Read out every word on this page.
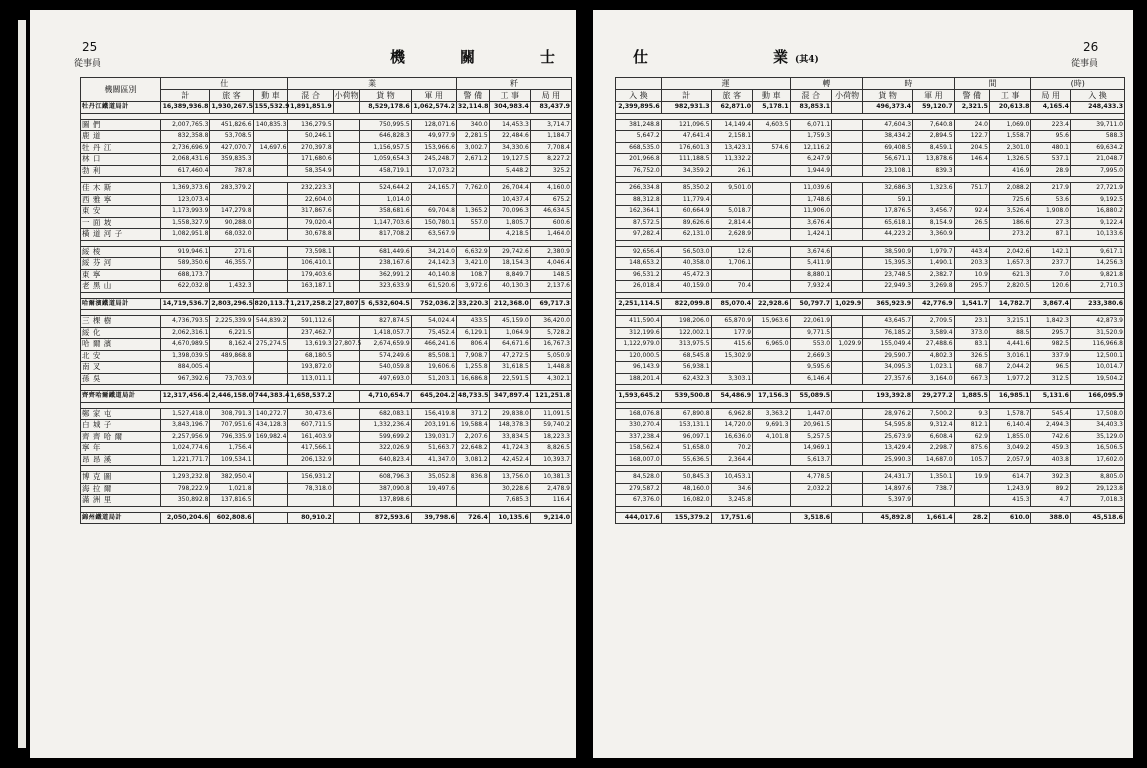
25
從事員	機	關	士
機關區別	仕			業				粁		
	計	旅 客	動 車	混 合	小荷物	貨 物	軍 用	警 備	工 事	局 用
牡丹江鐵道局計	16,389,936.8	1,930,267.5	155,532.9	1,891,851.9		8,529,178.6	1,062,574.2	32,114.8	304,983.4	83,437.9

圖 們	2,007,765.3	451,826.6	140,835.3	136,279.5		750,995.5	128,071.6	340.0	14,453.3	3,714.7
鹿 道	832,358.8	53,708.5		50,246.1		646,828.3	49,977.9	2,281.5	22,484.6	1,184.7
牡 丹 江	2,736,696.9	427,070.7	14,697.6	270,397.8		1,156,957.5	153,966.6	3,002.7	34,330.6	7,708.4
林 口	2,068,431.6	359,835.3		171,680.6		1,059,654.3	245,248.7	2,671.2	19,127.5	8,227.2
勃 利	617,460.4	787.8		58,354.9		458,719.1	17,073.2		5,448.2	325.2

佳 木 斯	1,369,373.6	283,379.2		232,223.3		524,644.2	24,165.7	7,762.0	26,704.4	4,160.0
西 雅 寧	123,073.4			22,604.0		1,014.0			10,437.4	675.2
東 安	1,173,993.9	147,279.8		317,867.6		358,681.6	69,704.8	1,365.2	70,096.3	46,634.5
一 面 坡	1,558,327.9	90,288.0		79,020.4		1,147,703.6	150,780.1	557.0	1,805.7	600.6
橫 道 河 子	1,082,951.8	68,032.0		30,678.8		817,708.2	63,567.9		4,218.5	1,464.0

綏 棱	919,946.1	271.6		73,598.1		681,449.6	34,214.0	6,632.9	29,742.6	2,380.9
綏 芬 河	589,350.6	46,355.7		106,410.1		238,167.6	24,142.3	3,421.0	18,154.3	4,046.4
東 寧	688,173.7			179,403.6		362,991.2	40,140.8	108.7	8,849.7	148.5
老 黑 山	622,032.8	1,432.3		163,187.1		323,633.9	61,520.6	3,972.6	40,130.3	2,137.6

哈爾濱鐵道局計	14,719,536.7	2,803,296.5	820,113.7	1,217,258.2	27,807.5	6,532,604.5	752,036.2	33,220.3	212,368.0	69,717.3

三 棵 樹	4,736,793.5	2,225,339.9	544,839.2	591,112.6		827,874.5	54,024.4	433.5	45,159.0	36,420.0
綏 化	2,062,316.1	6,221.5		237,462.7		1,418,057.7	75,452.4	6,129.1	1,064.9	5,728.2
哈 爾 濱	4,670,989.5	8,162.4	275,274.5	13,619.3	27,807.5	2,674,659.9	466,241.6	806.4	64,671.6	16,767.3
北 安	1,398,039.5	489,868.8		68,180.5		574,249.6	85,508.1	7,908.7	47,272.5	5,050.9
南 叉	884,005.4			193,872.0		540,059.8	19,606.6	1,255.8	31,618.5	1,448.8
孫 吳	967,392.6	73,703.9		113,011.1		497,693.0	51,203.1	16,686.8	22,591.5	4,302.1

齊齊哈爾鐵道局計	12,317,456.4	2,446,158.0	744,383.4	1,658,537.2		4,710,654.7	645,204.2	48,733.5	347,897.4	121,251.8

鄭 家 屯	1,527,418.0	308,791.3	140,272.7	30,473.6		682,083.1	156,419.8	371.2	29,838.0	11,091.5
白 城 子	3,843,196.7	707,951.6	434,128.3	607,711.5		1,332,236.4	203,191.6	19,588.4	148,378.3	59,740.2
齊 齊 哈 爾	2,257,956.9	796,335.9	169,982.4	161,403.9		599,699.2	139,031.7	2,207.6	33,834.5	18,223.3
寧 年	1,024,774.6	1,756.4		417,566.1		322,026.9	51,663.7	22,648.2	41,724.3	8,826.5
昂 昂 溪	1,221,771.7	109,534.1		206,132.9		640,823.4	41,347.0	3,081.2	42,452.4	10,393.7

博 克 圖	1,293,232.8	382,950.4		156,931.2		608,796.3	35,052.8	836.8	13,756.0	10,381.3
海 拉 爾	798,222.9	1,021.8		78,318.0		387,090.8	19,497.6		30,228.6	2,478.9
滿 洲 里	350,892.8	137,816.5				137,898.6			7,685.3	116.4

錦州鐵道局計	2,050,204.6	602,808.6		80,910.2		872,593.6	39,798.6	726.4	10,135.6	9,214.0
26
從事員
仕	業 (其4)
	運			轉		時		間		(時)	
入 換	計	旅 客	動 車	混 合	小荷物	貨 物	軍 用	警 備	工 事	局 用	入 換
2,399,895.6	982,931.3	62,871.0	5,178.1	83,853.1		496,373.4	59,120.7	2,321.5	20,613.8	4,165.4	248,433.3

381,248.8	121,096.5	14,149.4	4,603.5	6,071.1		47,604.3	7,640.8	24.0	1,069.0	223.4	39,711.0
5,647.2	47,641.4	2,158.1		1,759.3		38,434.2	2,894.5	122.7	1,558.7	95.6	588.3
668,535.0	176,601.3	13,423.1	574.6	12,116.2		69,408.5	8,459.1	204.5	2,301.0	480.1	69,634.2
201,966.8	111,188.5	11,332.2		6,247.9		56,671.1	13,878.6	146.4	1,326.5	537.1	21,048.7
76,752.0	34,359.2	26.1		1,944.9		23,108.1	839.3		416.9	28.9	7,995.0

266,334.8	85,350.2	9,501.0		11,039.6		32,686.3	1,323.6	751.7	2,088.2	217.9	27,721.9
88,312.8	11,779.4			1,748.6		59.1			725.6	53.6	9,192.5
162,364.1	60,664.9	5,018.7		11,906.0		17,876.5	3,456.7	92.4	3,526.4	1,908.0	16,880.2
87,572.5	89,626.6	2,814.4		3,676.4		65,618.1	8,154.9	26.5	186.6	27.3	9,122.4
97,282.4	62,131.0	2,628.9		1,424.1		44,223.2	3,360.9		273.2	87.1	10,133.6

92,656.4	56,503.0	12.6		3,674.6		38,590.9	1,979.7	443.4	2,042.6	142.1	9,617.1
148,653.2	40,358.0	1,706.1		5,411.9		15,395.3	1,490.1	203.3	1,657.3	237.7	14,256.3
96,531.2	45,472.3			8,880.1		23,748.5	2,382.7	10.9	621.3	7.0	9,821.8
26,018.4	40,159.0	70.4		7,932.4		22,949.3	3,269.8	295.7	2,820.5	120.6	2,710.3

2,251,114.5	822,099.8	85,070.4	22,928.6	50,797.7	1,029.9	365,923.9	42,776.9	1,541.7	14,782.7	3,867.4	233,380.6

411,590.4	198,206.0	65,870.9	15,963.6	22,061.9		43,645.7	2,709.5	23.1	3,215.1	1,842.3	42,873.9
312,199.6	122,002.1	177.9		9,771.5		76,185.2	3,589.4	373.0	88.5	295.7	31,520.9
1,122,979.0	313,975.5	415.6	6,965.0	553.0	1,029.9	155,049.4	27,488.6	83.1	4,441.6	982.5	116,966.8
120,000.5	68,545.8	15,302.9		2,669.3		29,590.7	4,802.3	326.5	3,016.1	337.9	12,500.1
96,143.9	56,938.1			9,595.6		34,095.3	1,023.1	68.7	2,044.2	96.5	10,014.7
188,201.4	62,432.3	3,303.1		6,146.4		27,357.6	3,164.0	667.3	1,977.2	312.5	19,504.2

1,593,645.2	539,500.8	54,486.9	17,156.3	55,089.5		193,392.8	29,277.2	1,885.5	16,985.1	5,131.6	166,095.9

168,076.8	67,890.8	6,962.8	3,363.2	1,447.0		28,976.2	7,500.2	9.3	1,578.7	545.4	17,508.0
330,270.4	153,131.1	14,720.0	9,691.3	20,961.5		54,595.8	9,312.4	812.1	6,140.4	2,494.3	34,403.3
337,238.4	96,097.1	16,636.0	4,101.8	5,257.5		25,673.9	6,608.4	62.9	1,855.0	742.6	35,129.0
158,562.4	51,658.0	70.2		14,969.1		13,429.4	2,298.7	875.6	3,049.2	459.3	16,506.5
168,007.0	55,636.5	2,364.4		5,613.7		25,990.3	14,687.0	105.7	2,057.9	403.8	17,602.0

84,528.0	50,845.3	10,453.1		4,778.5		24,431.7	1,350.1	19.9	614.7	392.3	8,805.0
279,587.2	48,160.0	34.6		2,032.2		14,897.6	738.7		1,243.9	89.2	29,123.8
67,376.0	16,082.0	3,245.8				5,397.9			415.3	4.7	7,018.3

444,017.6	155,379.2	17,751.6		3,518.6		45,892.8	1,661.4	28.2	610.0	388.0	45,518.6
